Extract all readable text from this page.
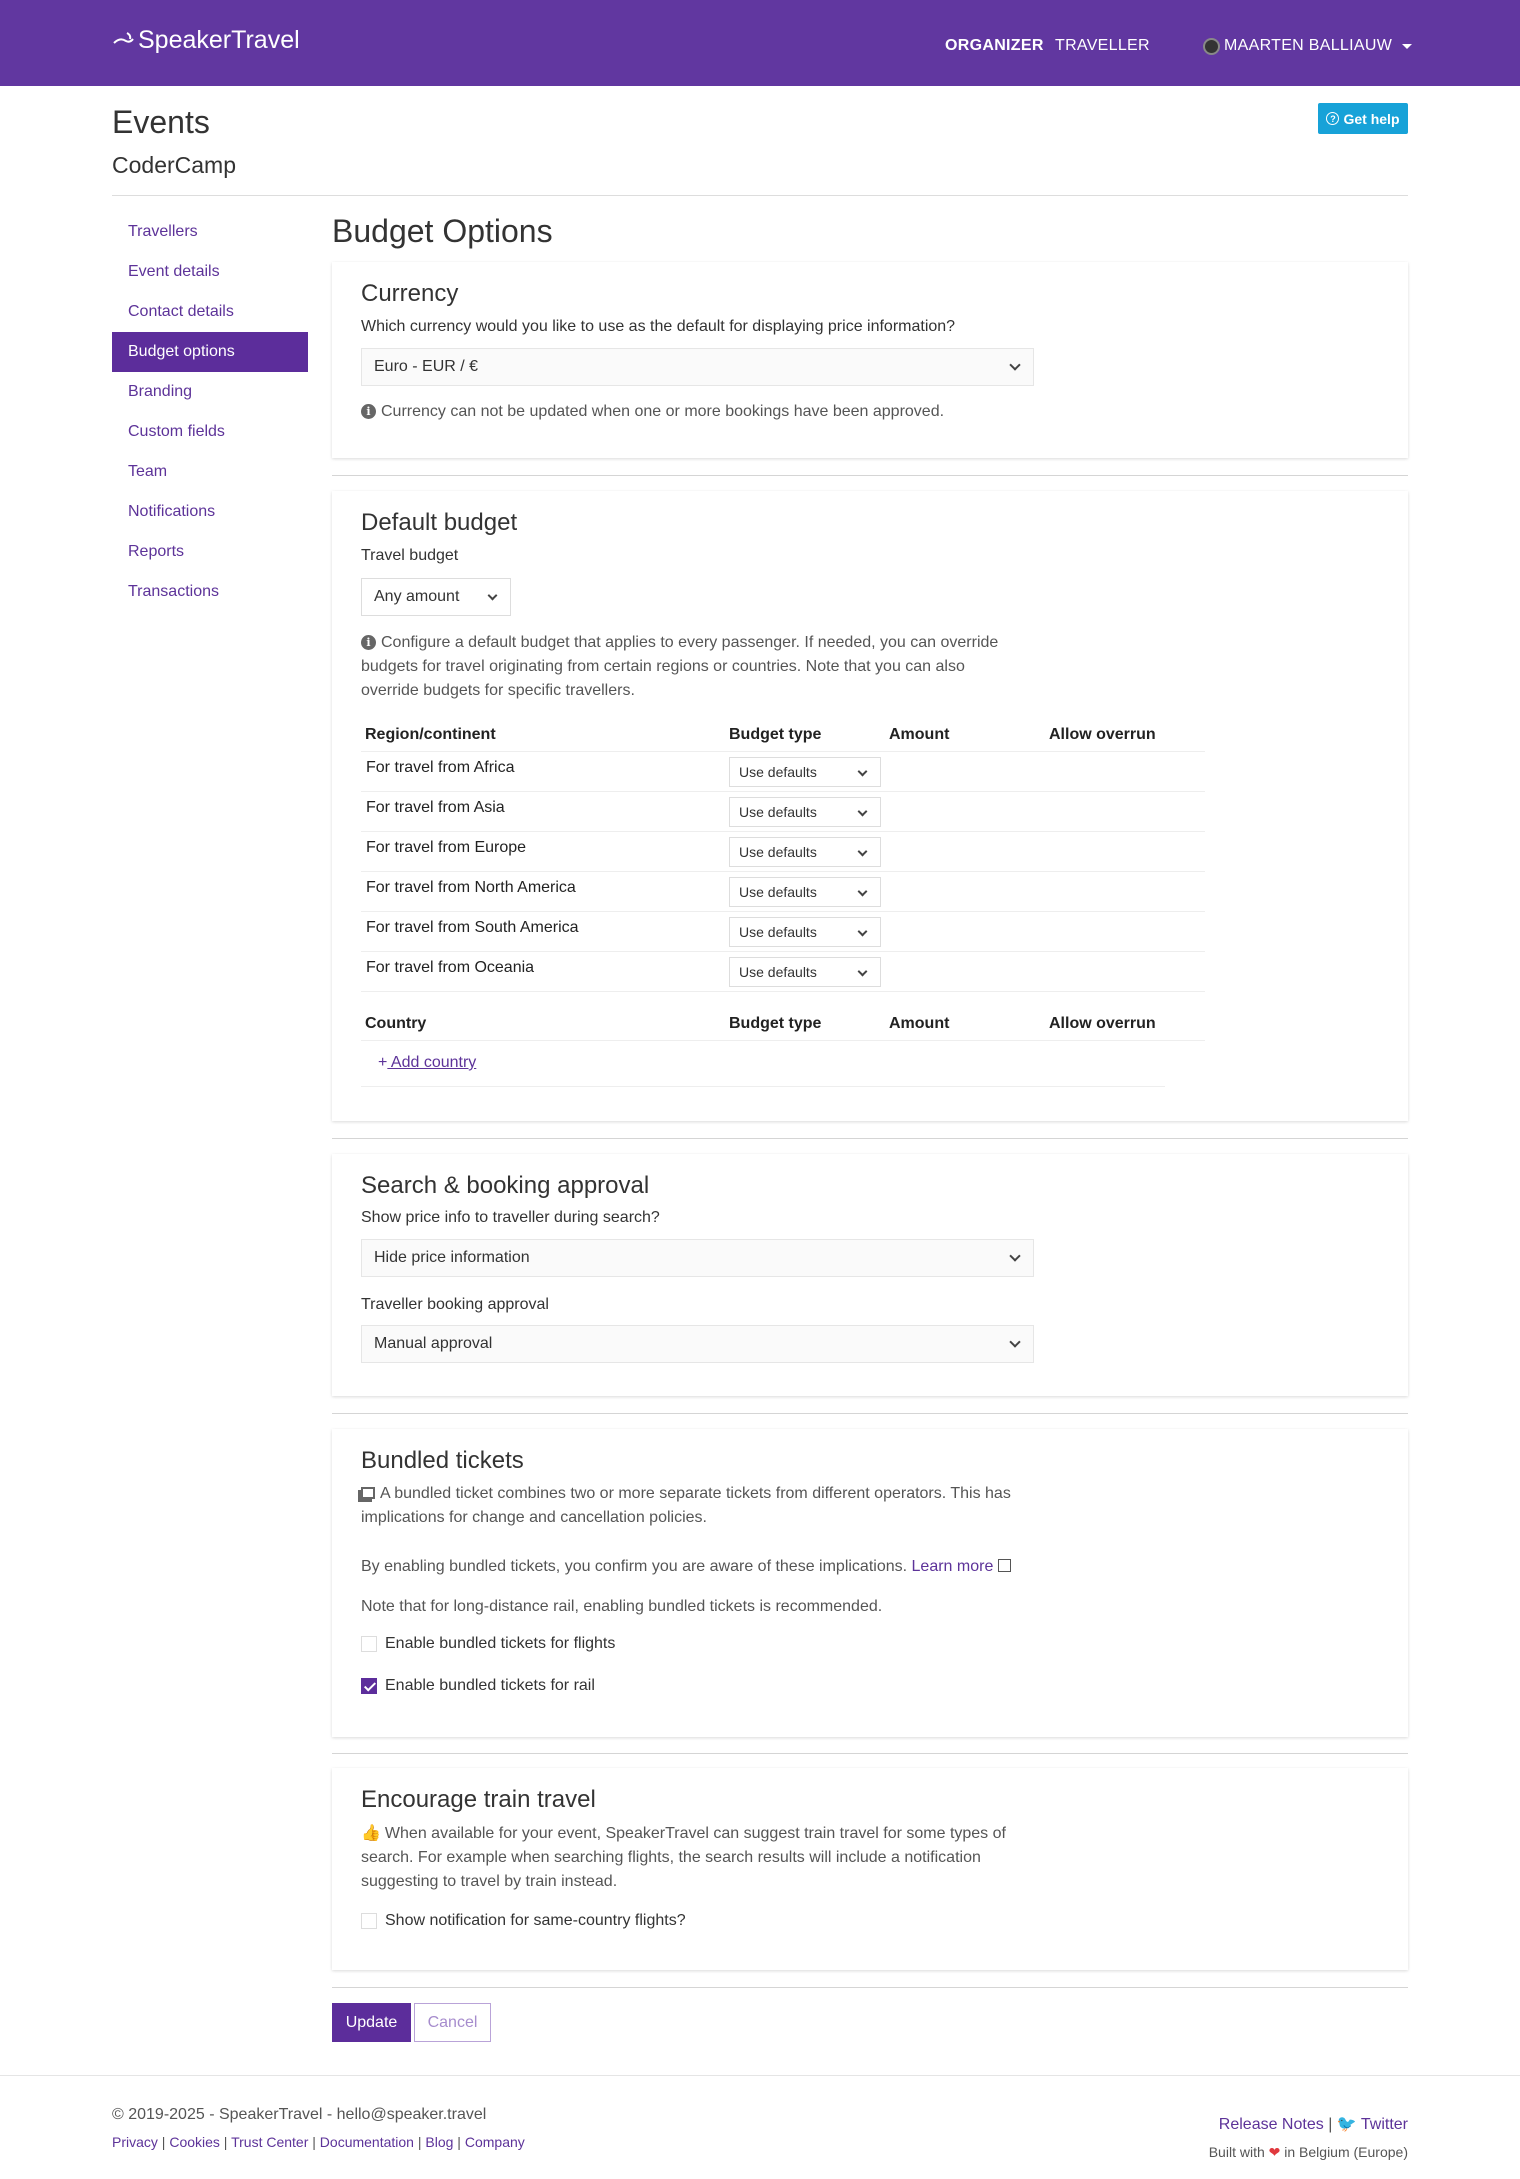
SpeakerTravel	ORGANIZER TRAVELLER	MAARTEN BALLIAUW
Events
CoderCamp
? Get help
Travellers
Event details
Contact details
Budget options
Branding
Custom fields
Team
Notifications
Reports
Transactions
Budget Options
Currency
Which currency would you like to use as the default for displaying price information?
Euro - EUR / €
i Currency can not be updated when one or more bookings have been approved.
Default budget
Travel budget
Any amount
i Configure a default budget that applies to every passenger. If needed, you can override
budgets for travel originating from certain regions or countries. Note that you can also
override budgets for specific travellers.
Region/continent	Budget type	Amount	Allow overrun
For travel from Africa	Use defaults
For travel from Asia	Use defaults
For travel from Europe	Use defaults
For travel from North America	Use defaults
For travel from South America	Use defaults
For travel from Oceania	Use defaults
Country	Budget type	Amount	Allow overrun
+ Add country
Search & booking approval
Show price info to traveller during search?
Hide price information
Traveller booking approval
Manual approval
Bundled tickets
A bundled ticket combines two or more separate tickets from different operators. This has
implications for change and cancellation policies.
By enabling bundled tickets, you confirm you are aware of these implications. Learn more
Note that for long-distance rail, enabling bundled tickets is recommended.
Enable bundled tickets for flights
Enable bundled tickets for rail
Encourage train travel
👍 When available for your event, SpeakerTravel can suggest train travel for some types of
search. For example when searching flights, the search results will include a notification
suggesting to travel by train instead.
Show notification for same-country flights?
Update	Cancel
© 2019-2025 - SpeakerTravel - hello@speaker.travel
Privacy | Cookies | Trust Center | Documentation | Blog | Company
Release Notes | 🐦 Twitter
Built with ❤ in Belgium (Europe)
